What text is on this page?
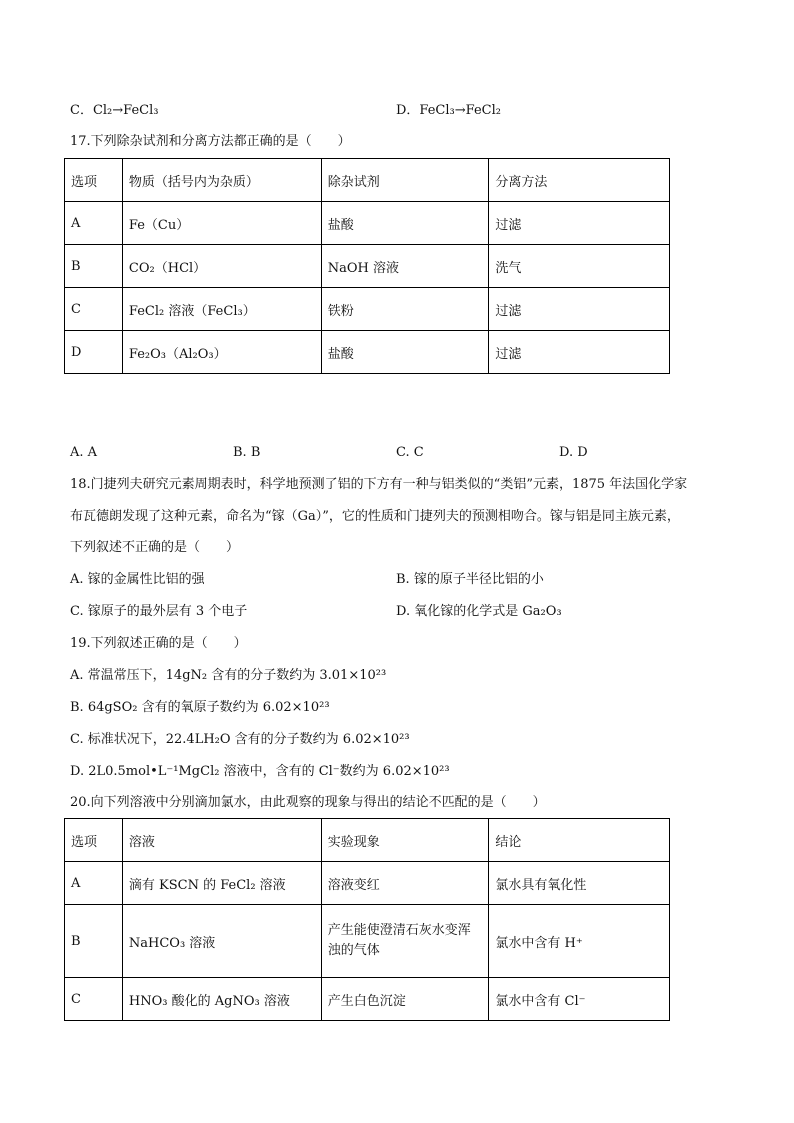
C．Cl₂→FeCl₃	D．FeCl₃→FeCl₂
17.下列除杂试剂和分离方法都正确的是（　　）
选项	物质（括号内为杂质）	除杂试剂	分离方法
A	Fe（Cu）	盐酸	过滤
B	CO₂（HCl）	NaOH 溶液	洗气
C	FeCl₂ 溶液（FeCl₃）	铁粉	过滤
D	Fe₂O₃（Al₂O₃）	盐酸	过滤
A. A	B. B	C. C	D. D
18.门捷列夫研究元素周期表时，科学地预测了铝的下方有一种与铝类似的“类铝”元素，1875 年法国化学家
布瓦德朗发现了这种元素，命名为“镓（Ga）”，它的性质和门捷列夫的预测相吻合。镓与铝是同主族元素，
下列叙述不正确的是（　　）
A. 镓的金属性比铝的强	B. 镓的原子半径比铝的小
C. 镓原子的最外层有 3 个电子	D. 氧化镓的化学式是 Ga₂O₃
19.下列叙述正确的是（　　）
A. 常温常压下，14gN₂ 含有的分子数约为 3.01×10²³
B. 64gSO₂ 含有的氧原子数约为 6.02×10²³
C. 标准状况下，22.4LH₂O 含有的分子数约为 6.02×10²³
D. 2L0.5mol•L⁻¹MgCl₂ 溶液中，含有的 Cl⁻数约为 6.02×10²³
20.向下列溶液中分别滴加氯水，由此观察的现象与得出的结论不匹配的是（　　）
选项	溶液	实验现象	结论
A	滴有 KSCN 的 FeCl₂ 溶液	溶液变红	氯水具有氧化性
B	NaHCO₃ 溶液	产生能使澄清石灰水变浑浊的气体	氯水中含有 H⁺
C	HNO₃ 酸化的 AgNO₃ 溶液	产生白色沉淀	氯水中含有 Cl⁻
